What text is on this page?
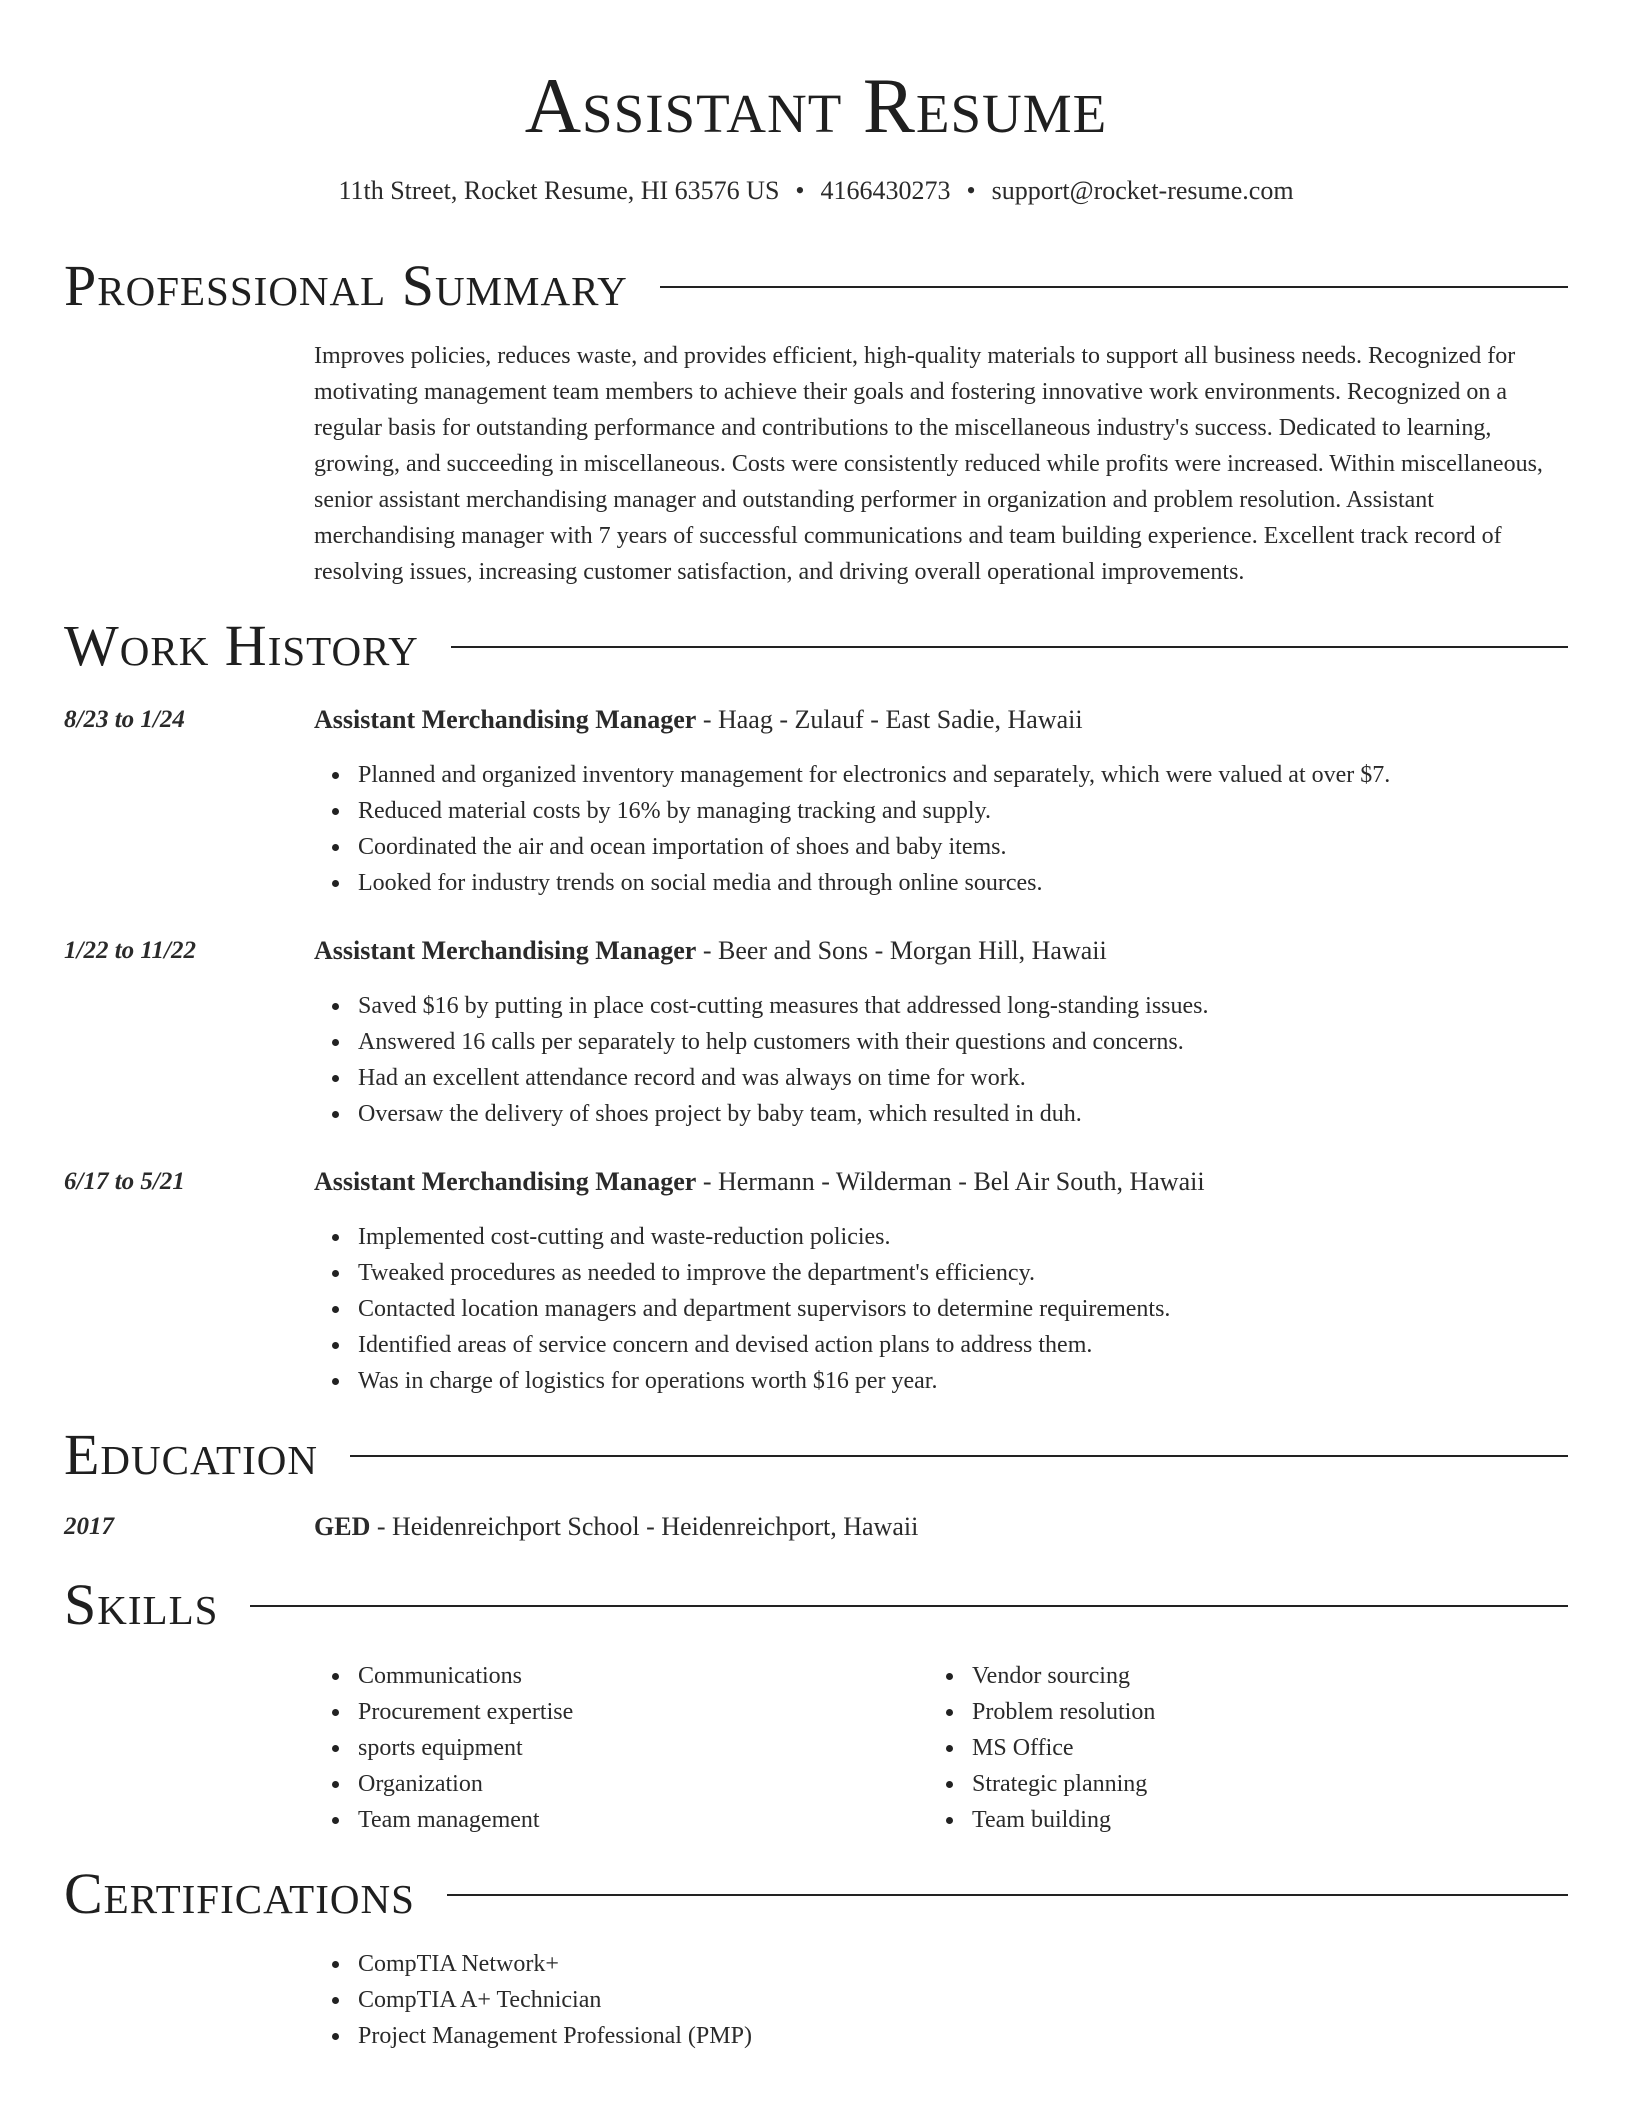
Assistant Resume
11th Street, Rocket Resume, HI 63576 US • 4166430273 • support@rocket-resume.com
Professional Summary

Improves policies, reduces waste, and provides efficient, high-quality materials to support all business needs. Recognized for motivating management team members to achieve their goals and fostering innovative work environments. Recognized on a regular basis for outstanding performance and contributions to the miscellaneous industry's success. Dedicated to learning, growing, and succeeding in miscellaneous. Costs were consistently reduced while profits were increased. Within miscellaneous, senior assistant merchandising manager and outstanding performer in organization and problem resolution. Assistant merchandising manager with 7 years of successful communications and team building experience. Excellent track record of resolving issues, increasing customer satisfaction, and driving overall operational improvements.

Work History
8/23 to 1/24	Assistant Merchandising Manager - Haag - Zulauf - East Sadie, Hawaii
Planned and organized inventory management for electronics and separately, which were valued at over $7.
Reduced material costs by 16% by managing tracking and supply.
Coordinated the air and ocean importation of shoes and baby items.
Looked for industry trends on social media and through online sources.
1/22 to 11/22	Assistant Merchandising Manager - Beer and Sons - Morgan Hill, Hawaii
Saved $16 by putting in place cost-cutting measures that addressed long-standing issues.
Answered 16 calls per separately to help customers with their questions and concerns.
Had an excellent attendance record and was always on time for work.
Oversaw the delivery of shoes project by baby team, which resulted in duh.
6/17 to 5/21	Assistant Merchandising Manager - Hermann - Wilderman - Bel Air South, Hawaii
Implemented cost-cutting and waste-reduction policies.
Tweaked procedures as needed to improve the department's efficiency.
Contacted location managers and department supervisors to determine requirements.
Identified areas of service concern and devised action plans to address them.
Was in charge of logistics for operations worth $16 per year.
Education
2017	GED - Heidenreichport School - Heidenreichport, Hawaii
Skills
Communications
Procurement expertise
sports equipment
Organization
Team management
Vendor sourcing
Problem resolution
MS Office
Strategic planning
Team building
Certifications
CompTIA Network+
CompTIA A+ Technician
Project Management Professional (PMP)
